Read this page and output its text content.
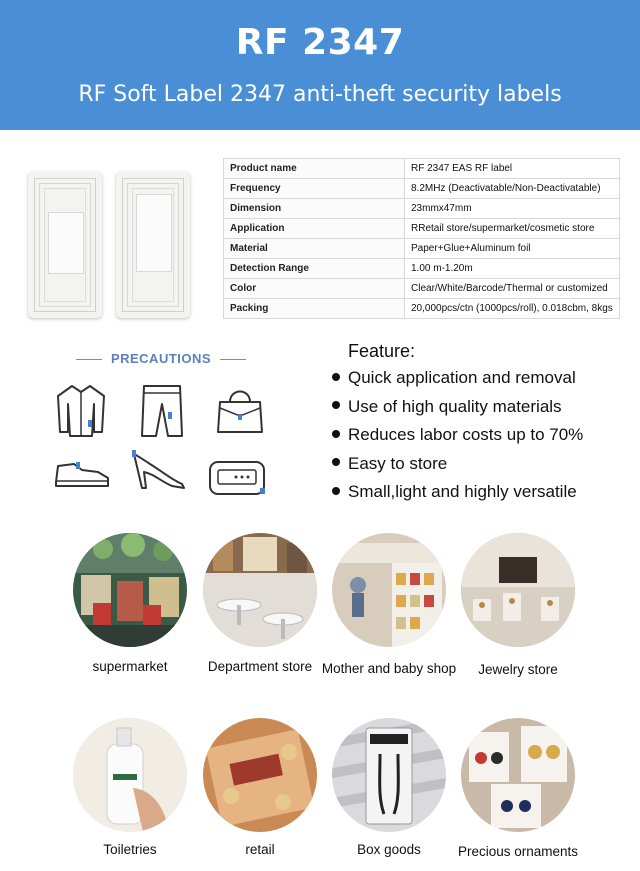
RF 2347
RF Soft Label 2347 anti-theft security labels
Product name	RF 2347 EAS RF label
Frequency	8.2MHz (Deactivatable/Non-Deactivatable)
Dimension	23mmx47mm
Application	RRetail store/supermarket/cosmetic store
Material	Paper+Glue+Aluminum foil
Detection Range	1.00 m-1.20m
Color	Clear/White/Barcode/Thermal or customized
Packing	20,000pcs/ctn (1000pcs/roll), 0.018cbm, 8kgs
PRECAUTIONS	Feature:
Quick application and removal
Use of high quality materials
Reduces labor costs up to 70%
Easy to store
Small,light and highly versatile
supermarket	Department store Mother and baby shop	Jewelry store
Toiletries	retail	Box goods	Precious ornaments
